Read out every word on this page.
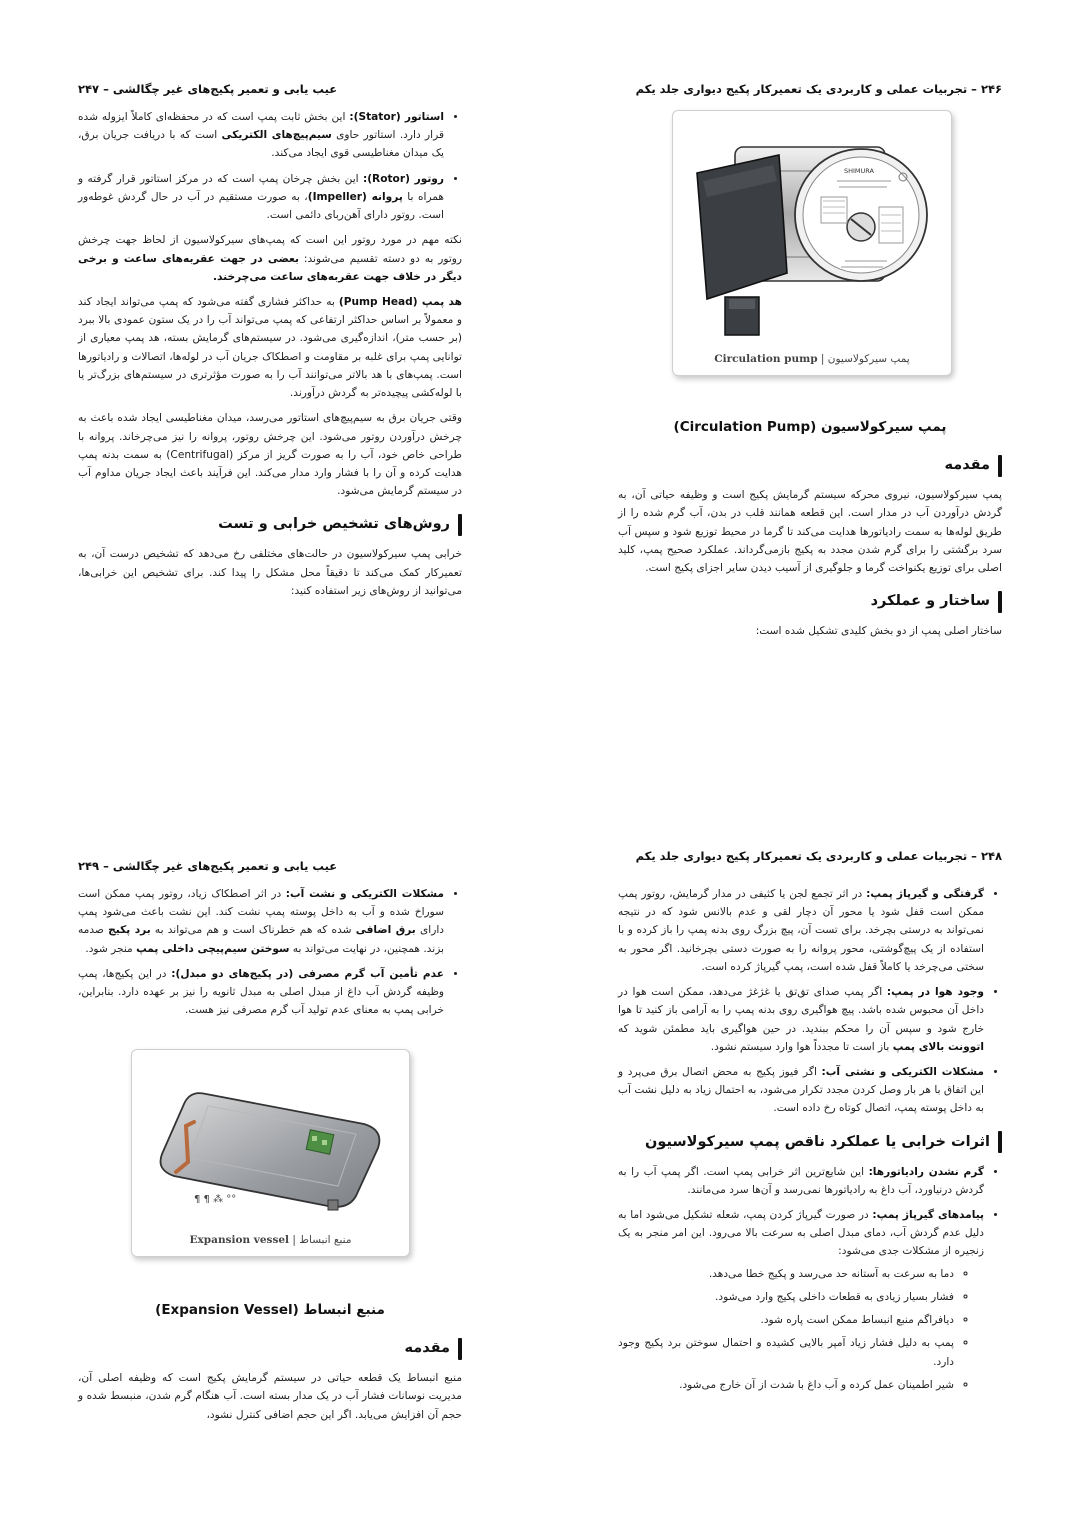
۲۴۶ – تجربیات عملی و کاربردی یک تعمیرکار پکیج دیواری جلد یکم
SHIMURA
پمپ سیرکولاسیون | Circulation pump
پمپ سیرکولاسیون (Circulation Pump)
مقدمه

پمپ سیرکولاسیون، نیروی محرکه سیستم گرمایش پکیج است و وظیفه حیاتی آن، به گردش درآوردن آب در مدار است. این قطعه همانند قلب در بدن، آب گرم شده را از طریق لوله‌ها به سمت رادیاتورها هدایت می‌کند تا گرما در محیط توزیع شود و سپس آب سرد برگشتی را برای گرم شدن مجدد به پکیج بازمی‌گرداند. عملکرد صحیح پمپ، کلید اصلی برای توزیع یکنواخت گرما و جلوگیری از آسیب دیدن سایر اجزای پکیج است.

ساختار و عملکرد

ساختار اصلی پمپ از دو بخش کلیدی تشکیل شده است:

عیب یابی و تعمیر پکیج‌های غیر چگالشی – ۲۴۷
• استاتور (Stator): این بخش ثابت پمپ است که در محفظه‌ای کاملاً ایزوله شده قرار دارد. استاتور حاوی سیم‌پیچ‌های الکتریکی است که با دریافت جریان برق، یک میدان مغناطیسی قوی ایجاد می‌کند.
• روتور (Rotor): این بخش چرخان پمپ است که در مرکز استاتور قرار گرفته و همراه با پروانه (Impeller)، به صورت مستقیم در آب در حال گردش غوطه‌ور است. روتور دارای آهن‌ربای دائمی است.

نکته مهم در مورد روتور این است که پمپ‌های سیرکولاسیون از لحاظ جهت چرخش روتور به دو دسته تقسیم می‌شوند: بعضی در جهت عقربه‌های ساعت و برخی دیگر در خلاف جهت عقربه‌های ساعت می‌چرخند.

هد پمپ (Pump Head) به حداکثر فشاری گفته می‌شود که پمپ می‌تواند ایجاد کند و معمولاً بر اساس حداکثر ارتفاعی که پمپ می‌تواند آب را در یک ستون عمودی بالا ببرد (بر حسب متر)، اندازه‌گیری می‌شود. در سیستم‌های گرمایش بسته، هد پمپ معیاری از توانایی پمپ برای غلبه بر مقاومت و اصطکاک جریان آب در لوله‌ها، اتصالات و رادیاتورها است. پمپ‌های با هد بالاتر می‌توانند آب را به صورت مؤثرتری در سیستم‌های بزرگ‌تر یا با لوله‌کشی پیچیده‌تر به گردش درآورند.

وقتی جریان برق به سیم‌پیچ‌های استاتور می‌رسد، میدان مغناطیسی ایجاد شده باعث به چرخش درآوردن روتور می‌شود. این چرخش روتور، پروانه را نیز می‌چرخاند. پروانه با طراحی خاص خود، آب را به صورت گریز از مرکز (Centrifugal) به سمت بدنه پمپ هدایت کرده و آن را با فشار وارد مدار می‌کند. این فرآیند باعث ایجاد جریان مداوم آب در سیستم گرمایش می‌شود.

روش‌های تشخیص خرابی و تست

خرابی پمپ سیرکولاسیون در حالت‌های مختلفی رخ می‌دهد که تشخیص درست آن، به تعمیرکار کمک می‌کند تا دقیقاً محل مشکل را پیدا کند. برای تشخیص این خرابی‌ها، می‌توانید از روش‌های زیر استفاده کنید:

۲۴۸ – تجربیات عملی و کاربردی یک تعمیرکار پکیج دیواری جلد یکم
• گرفتگی و گیرپاژ پمپ: در اثر تجمع لجن یا کثیفی در مدار گرمایش، روتور پمپ ممکن است قفل شود یا محور آن دچار لقی و عدم بالانس شود که در نتیجه نمی‌تواند به درستی بچرخد. برای تست آن، پیچ بزرگ روی بدنه پمپ را باز کرده و با استفاده از یک پیچ‌گوشتی، محور پروانه را به صورت دستی بچرخانید. اگر محور به سختی می‌چرخد یا کاملاً قفل شده است، پمپ گیرپاژ کرده است.
• وجود هوا در پمپ: اگر پمپ صدای تق‌تق یا غژغژ می‌دهد، ممکن است هوا در داخل آن محبوس شده باشد. پیچ هواگیری روی بدنه پمپ را به آرامی باز کنید تا هوا خارج شود و سپس آن را محکم ببندید. در حین هواگیری باید مطمئن شوید که اتوونت بالای پمپ باز است تا مجدداً هوا وارد سیستم نشود.
• مشکلات الکتریکی و نشتی آب: اگر فیوز پکیج به محض اتصال برق می‌پرد و این اتفاق با هر بار وصل کردن مجدد تکرار می‌شود، به احتمال زیاد به دلیل نشت آب به داخل پوسته پمپ، اتصال کوتاه رخ داده است.
اثرات خرابی یا عملکرد ناقص پمپ سیرکولاسیون
• گرم نشدن رادیاتورها: این شایع‌ترین اثر خرابی پمپ است. اگر پمپ آب را به گردش درنیاورد، آب داغ به رادیاتورها نمی‌رسد و آن‌ها سرد می‌مانند.
• پیامدهای گیرپاژ پمپ: در صورت گیرپاژ کردن پمپ، شعله تشکیل می‌شود اما به دلیل عدم گردش آب، دمای مبدل اصلی به سرعت بالا می‌رود. این امر منجر به یک زنجیره از مشکلات جدی می‌شود:
◦ دما به سرعت به آستانه حد می‌رسد و پکیج خطا می‌دهد.
◦ فشار بسیار زیادی به قطعات داخلی پکیج وارد می‌شود.
◦ دیافراگم منبع انبساط ممکن است پاره شود.
◦ پمپ به دلیل فشار زیاد آمپر بالایی کشیده و احتمال سوختن برد پکیج وجود دارد.
◦ شیر اطمینان عمل کرده و آب داغ با شدت از آن خارج می‌شود.
عیب یابی و تعمیر پکیج‌های غیر چگالشی – ۲۴۹
• مشکلات الکتریکی و نشت آب: در اثر اصطکاک زیاد، روتور پمپ ممکن است سوراخ شده و آب به داخل پوسته پمپ نشت کند. این نشت باعث می‌شود پمپ دارای برق اضافی شده که هم خطرناک است و هم می‌تواند به برد پکیج صدمه بزند. همچنین، در نهایت می‌تواند به سوختن سیم‌پیچی داخلی پمپ منجر شود.
• عدم تأمین آب گرم مصرفی (در پکیج‌های دو مبدل): در این پکیج‌ها، پمپ وظیفه گردش آب داغ از مبدل اصلی به مبدل ثانویه را نیز بر عهده دارد. بنابراین، خرابی پمپ به معنای عدم تولید آب گرم مصرفی نیز هست.
¶ ¶ ⁂ °°
منبع انبساط | Expansion vessel
منبع انبساط (Expansion Vessel)
مقدمه

منبع انبساط یک قطعه حیاتی در سیستم گرمایش پکیج است که وظیفه اصلی آن، مدیریت نوسانات فشار آب در یک مدار بسته است. آب هنگام گرم شدن، منبسط شده و حجم آن افزایش می‌یابد. اگر این حجم اضافی کنترل نشود،
